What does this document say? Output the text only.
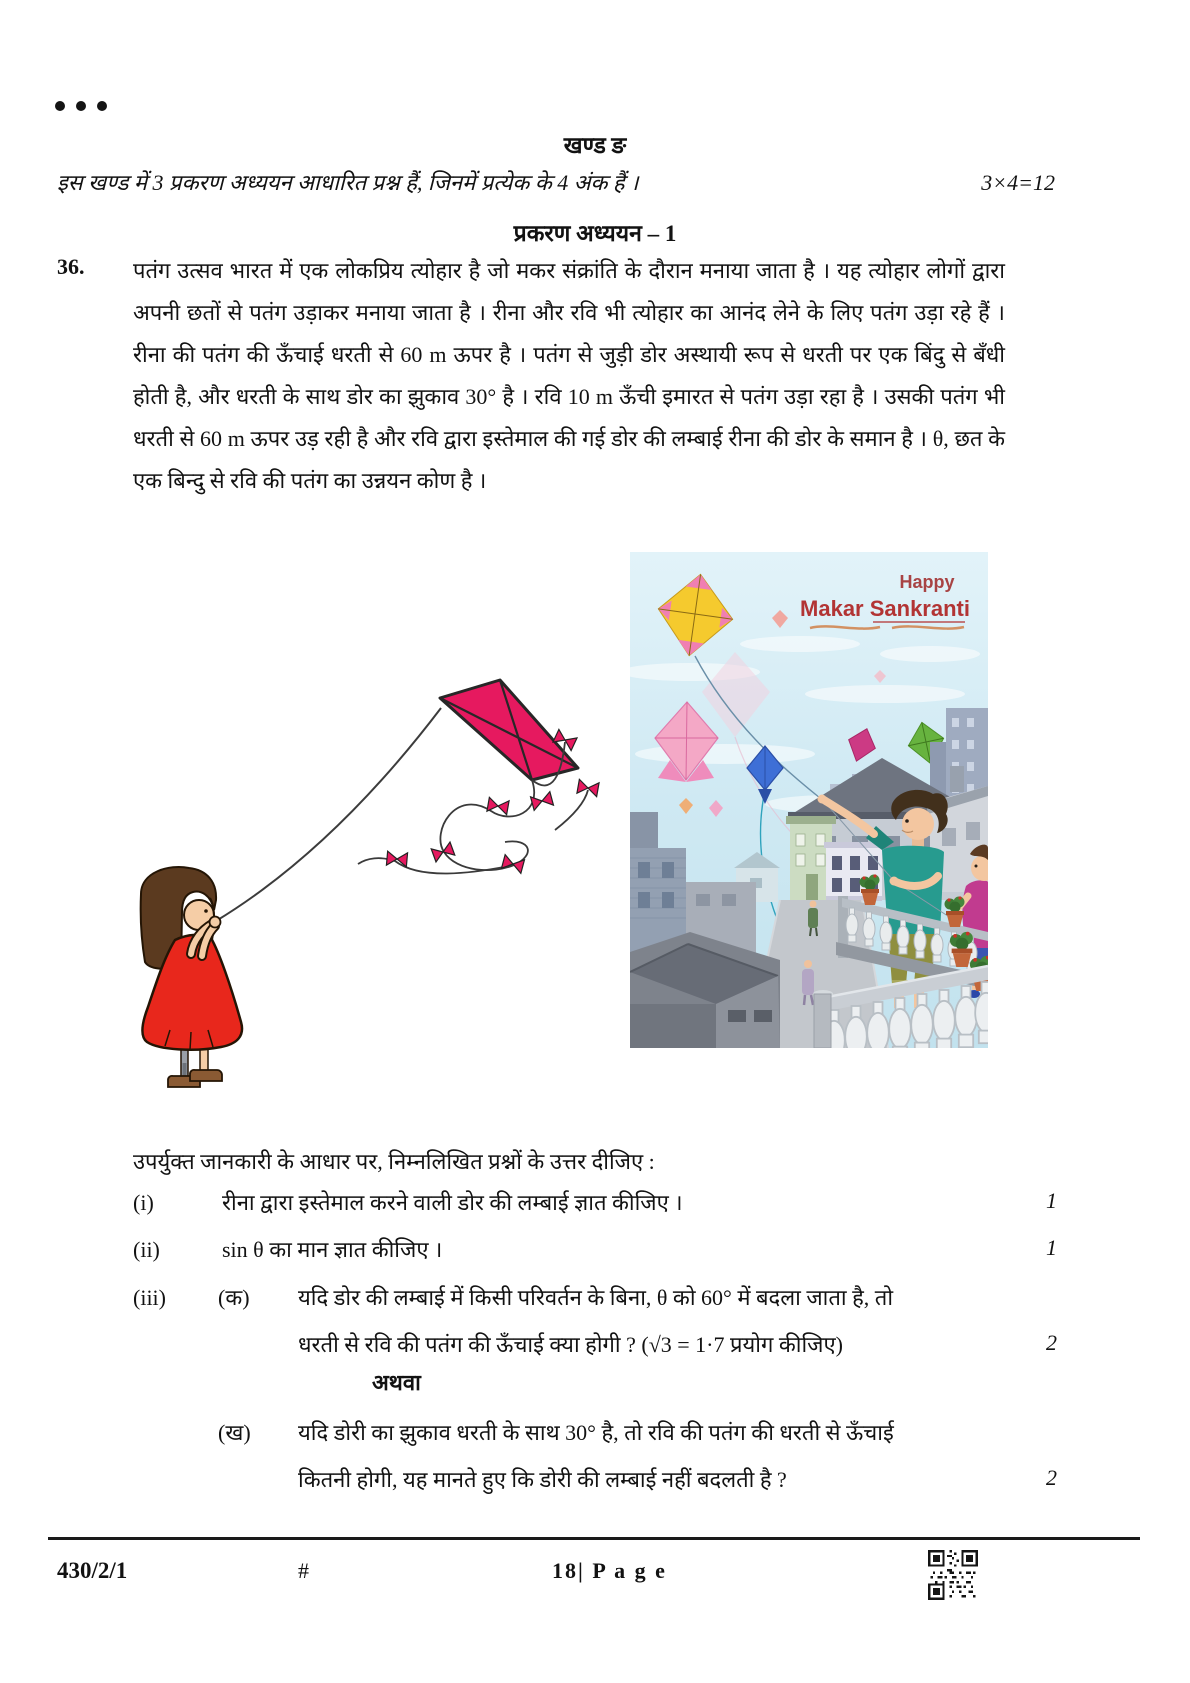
खण्ड ङ
इस खण्ड में 3 प्रकरण अध्ययन आधारित प्रश्न हैं, जिनमें प्रत्येक के 4 अंक हैं ।	3×4=12
प्रकरण अध्ययन – 1
36. पतंग उत्सव भारत में एक लोकप्रिय त्योहार है जो मकर संक्रांति के दौरान मनाया जाता है । यह त्योहार लोगों द्वारा अपनी छतों से पतंग उड़ाकर मनाया जाता है । रीना और रवि भी त्योहार का आनंद लेने के लिए पतंग उड़ा रहे हैं । रीना की पतंग की ऊँचाई धरती से 60 m ऊपर है । पतंग से जुड़ी डोर अस्थायी रूप से धरती पर एक बिंदु से बँधी होती है, और धरती के साथ डोर का झुकाव 30° है । रवि 10 m ऊँची इमारत से पतंग उड़ा रहा है । उसकी पतंग भी धरती से 60 m ऊपर उड़ रही है और रवि द्वारा इस्तेमाल की गई डोर की लम्बाई रीना की डोर के समान है । θ, छत के एक बिन्दु से रवि की पतंग का उन्नयन कोण है ।
Happy
Makar Sankranti
उपर्युक्त जानकारी के आधार पर, निम्नलिखित प्रश्नों के उत्तर दीजिए :
(i)	रीना द्वारा इस्तेमाल करने वाली डोर की लम्बाई ज्ञात कीजिए ।	1
(ii)	sin θ का मान ज्ञात कीजिए ।	1
(iii) (क) यदि डोर की लम्बाई में किसी परिवर्तन के बिना, θ को 60° में बदला जाता है, तो
धरती से रवि की पतंग की ऊँचाई क्या होगी ? (√3 = 1·7 प्रयोग कीजिए)	2
अथवा
(ख) यदि डोरी का झुकाव धरती के साथ 30° है, तो रवि की पतंग की धरती से ऊँचाई
कितनी होगी, यह मानते हुए कि डोरी की लम्बाई नहीं बदलती है ?	2
430/2/1	#	18| P a g e
